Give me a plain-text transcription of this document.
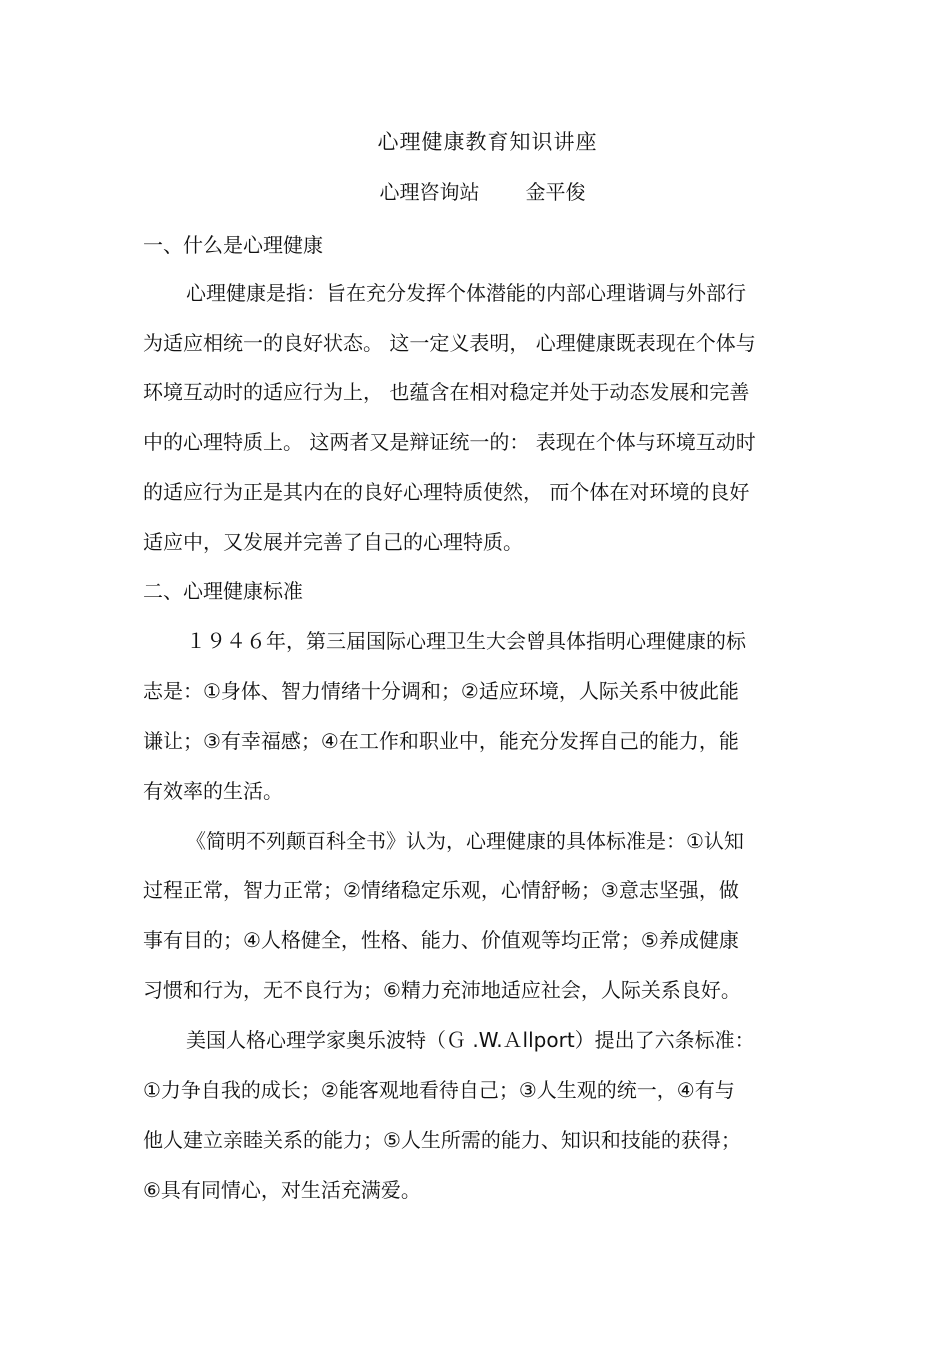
心理健康教育知识讲座
心理咨询站 金平俊
一、什么是心理健康
心理健康是指：旨在充分发挥个体潜能的内部心理谐调与外部行
为适应相统一的良好状态。 这一定义表明， 心理健康既表现在个体与
环境互动时的适应行为上， 也蕴含在相对稳定并处于动态发展和完善
中的心理特质上。 这两者又是辩证统一的： 表现在个体与环境互动时
的适应行为正是其内在的良好心理特质使然， 而个体在对环境的良好
适应中，又发展并完善了自己的心理特质。
二、心理健康标准
１９４６年，第三届国际心理卫生大会曾具体指明心理健康的标
志是：①身体、智力情绪十分调和；②适应环境，人际关系中彼此能
谦让；③有幸福感；④在工作和职业中，能充分发挥自己的能力，能
有效率的生活。
《简明不列颠百科全书》认为，心理健康的具体标准是：①认知
过程正常，智力正常；②情绪稳定乐观，心情舒畅；③意志坚强，做
事有目的；④人格健全，性格、能力、价值观等均正常；⑤养成健康
习惯和行为，无不良行为；⑥精力充沛地适应社会，人际关系良好。
美国人格心理学家奥乐波特（Ｇ .W.Ａllport）提出了六条标准：
①力争自我的成长；②能客观地看待自己；③人生观的统一，④有与
他人建立亲睦关系的能力；⑤人生所需的能力、知识和技能的获得；
⑥具有同情心，对生活充满爱。
